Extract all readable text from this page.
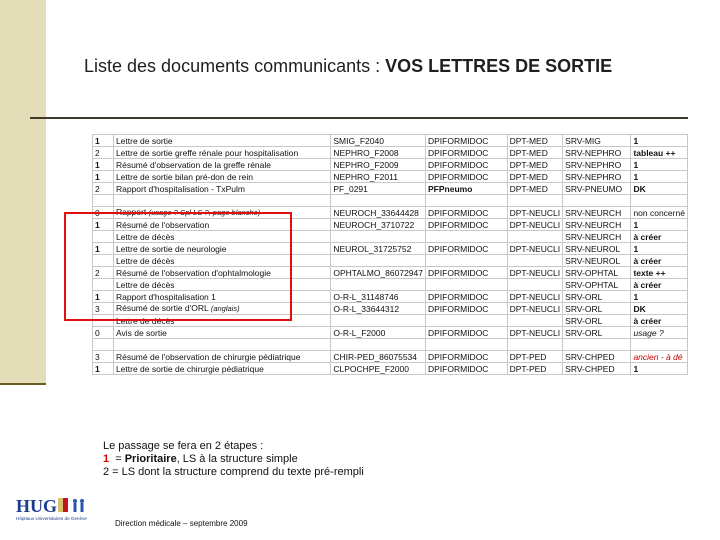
Liste des documents communicants : VOS LETTRES DE SORTIE
1	Lettre de sortie	SMIG_F2040	DPIFORMIDOC	DPT-MED	SRV-MIG	1
2	Lettre de sortie greffe rénale pour hospitalisation	NEPHRO_F2008	DPIFORMIDOC	DPT-MED	SRV-NEPHRO	tableau ++
1	Résumé d'observation de la greffe rénale	NEPHRO_F2009	DPIFORMIDOC	DPT-MED	SRV-NEPHRO	1
1	Lettre de sortie bilan pré-don de rein	NEPHRO_F2011	DPIFORMIDOC	DPT-MED	SRV-NEPHRO	1
2	Rapport d'hospitalisation - TxPulm	PF_0291	PFPneumo	DPT-MED	SRV-PNEUMO	DK

0	Rapport (usage ? Cpl LS ?, page blanche)	NEUROCH_33644428	DPIFORMIDOC	DPT-NEUCLI	SRV-NEURCH	non concerné
1	Résumé de l'observation	NEUROCH_3710722	DPIFORMIDOC	DPT-NEUCLI	SRV-NEURCH	1
	Lettre de décès				SRV-NEURCH	à créer
1	Lettre de sortie de neurologie	NEUROL_31725752	DPIFORMIDOC	DPT-NEUCLI	SRV-NEUROL	1
	Lettre de décès				SRV-NEUROL	à créer
2	Résumé de l'observation d'ophtalmologie	OPHTALMO_86072947	DPIFORMIDOC	DPT-NEUCLI	SRV-OPHTAL	texte ++
	Lettre de décès				SRV-OPHTAL	à créer
1	Rapport d'hospitalisation 1	O-R-L_31148746	DPIFORMIDOC	DPT-NEUCLI	SRV-ORL	1
3	Résumé de sortie d'ORL (anglais)	O-R-L_33644312	DPIFORMIDOC	DPT-NEUCLI	SRV-ORL	DK
	Lettre de décès				SRV-ORL	à créer
0	Avis de sortie	O-R-L_F2000	DPIFORMIDOC	DPT-NEUCLI	SRV-ORL	usage ?

3	Résumé de l'observation de chirurgie pédiatrique	CHIR-PED_86075534	DPIFORMIDOC	DPT-PED	SRV-CHPED	ancien - à dé
1	Lettre de sortie de chirurgie pédiatrique	CLPOCHPE_F2000	DPIFORMIDOC	DPT-PED	SRV-CHPED	1
Le passage se fera en 2 étapes :
1  = Prioritaire, LS à la structure simple
2 = LS dont la structure comprend du texte pré-rempli
HUG
Hôpitaux Universitaires de Genève
Direction médicale – septembre 2009
